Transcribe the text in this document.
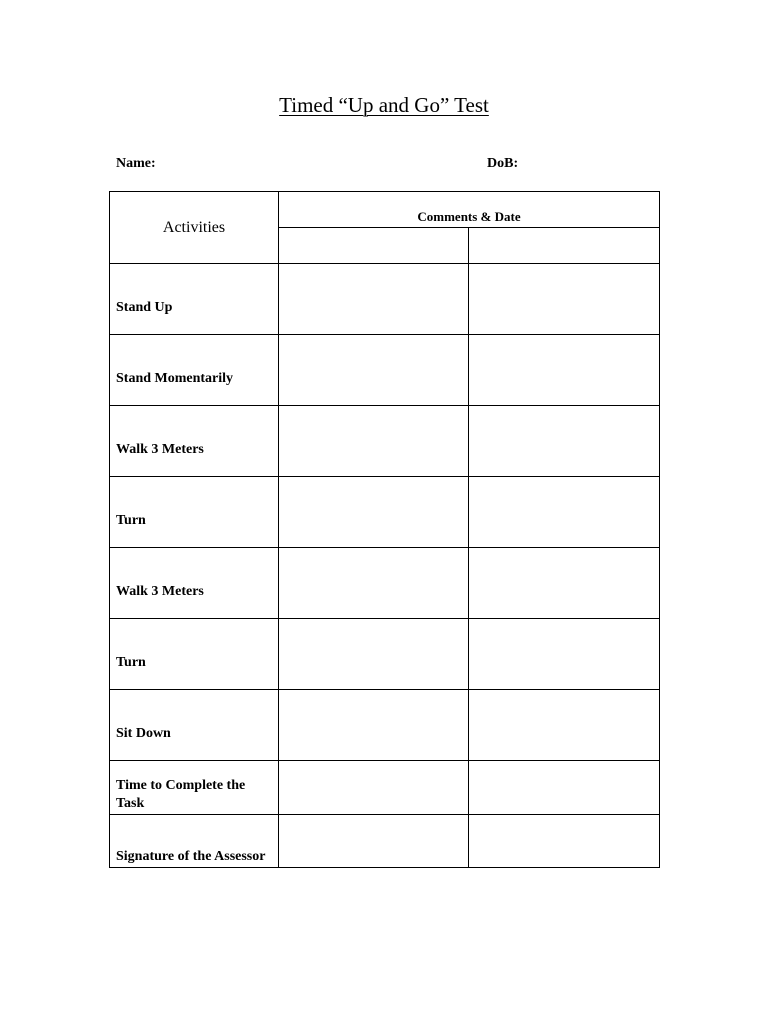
Timed “Up and Go” Test
Name:	DoB:
Activities	Comments & Date	

Stand Up		
Stand Momentarily		
Walk 3 Meters		
Turn		
Walk 3 Meters		
Turn		
Sit Down		
Time to Complete the Task		
Signature of the Assessor		
